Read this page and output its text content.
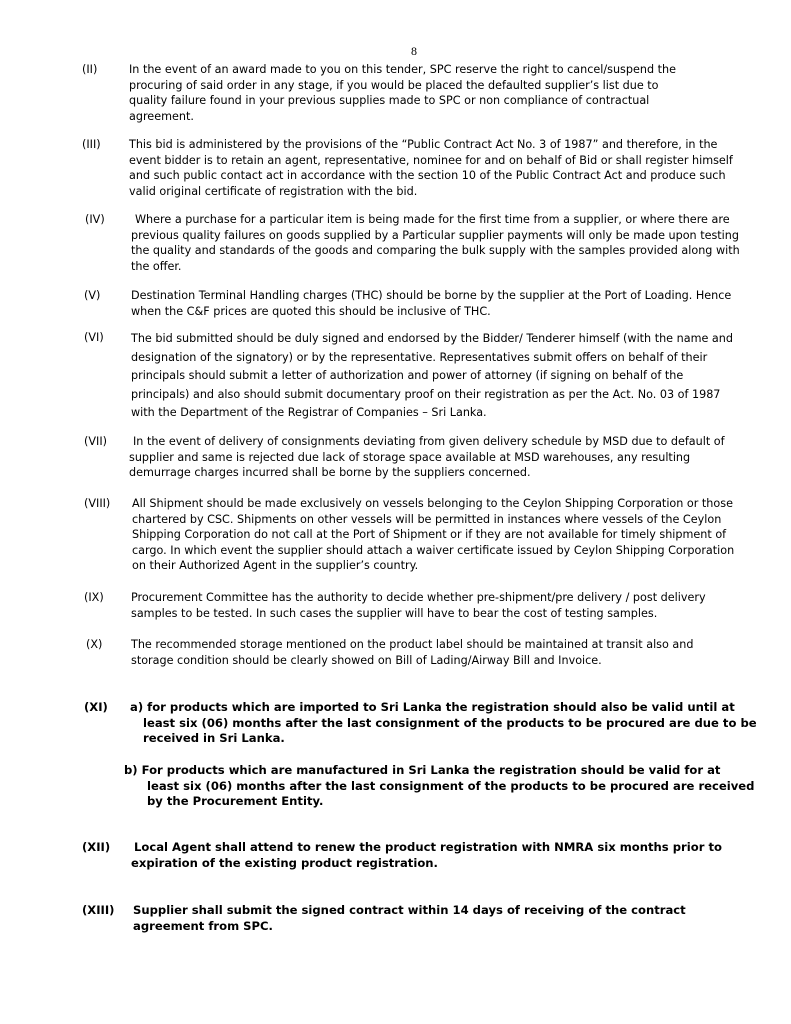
8
(II)	In the event of an award made to you on this tender, SPC reserve the right to cancel/suspend the
procuring of said order in any stage, if you would be placed the defaulted supplier’s list due to
quality failure found in your previous supplies made to SPC or non compliance of contractual
agreement.
(III)	This bid is administered by the provisions of the “Public Contract Act No. 3 of 1987” and therefore, in the
event bidder is to retain an agent, representative, nominee for and on behalf of Bid or shall register himself
and such public contact act in accordance with the section 10 of the Public Contract Act and produce such
valid original certificate of registration with the bid.
(IV)	Where a purchase for a particular item is being made for the first time from a supplier, or where there are
previous quality failures on goods supplied by a Particular supplier payments will only be made upon testing
the quality and standards of the goods and comparing the bulk supply with the samples provided along with
the offer.
(V)	Destination Terminal Handling charges (THC) should be borne by the supplier at the Port of Loading. Hence
when the C&F prices are quoted this should be inclusive of THC.
(VI) The bid submitted should be duly signed and endorsed by the Bidder/ Tenderer himself (with the name and
designation of the signatory) or by the representative. Representatives submit offers on behalf of their
principals should submit a letter of authorization and power of attorney (if signing on behalf of the
principals) and also should submit documentary proof on their registration as per the Act. No. 03 of 1987
with the Department of the Registrar of Companies – Sri Lanka.
(VII)	In the event of delivery of consignments deviating from given delivery schedule by MSD due to default of
supplier and same is rejected due lack of storage space available at MSD warehouses, any resulting
demurrage charges incurred shall be borne by the suppliers concerned.
(VIII) All Shipment should be made exclusively on vessels belonging to the Ceylon Shipping Corporation or those
chartered by CSC. Shipments on other vessels will be permitted in instances where vessels of the Ceylon
Shipping Corporation do not call at the Port of Shipment or if they are not available for timely shipment of
cargo. In which event the supplier should attach a waiver certificate issued by Ceylon Shipping Corporation
on their Authorized Agent in the supplier’s country.
(IX) Procurement Committee has the authority to decide whether pre-shipment/pre delivery / post delivery
samples to be tested. In such cases the supplier will have to bear the cost of testing samples.
(X)	The recommended storage mentioned on the product label should be maintained at transit also and
storage condition should be clearly showed on Bill of Lading/Airway Bill and Invoice.
(XI) a) for products which are imported to Sri Lanka the registration should also be valid until at
least six (06) months after the last consignment of the products to be procured are due to be
received in Sri Lanka.
b) For products which are manufactured in Sri Lanka the registration should be valid for at
least six (06) months after the last consignment of the products to be procured are received
by the Procurement Entity.
(XII) Local Agent shall attend to renew the product registration with NMRA six months prior to
expiration of the existing product registration.
(XIII) Supplier shall submit the signed contract within 14 days of receiving of the contract
agreement from SPC.
